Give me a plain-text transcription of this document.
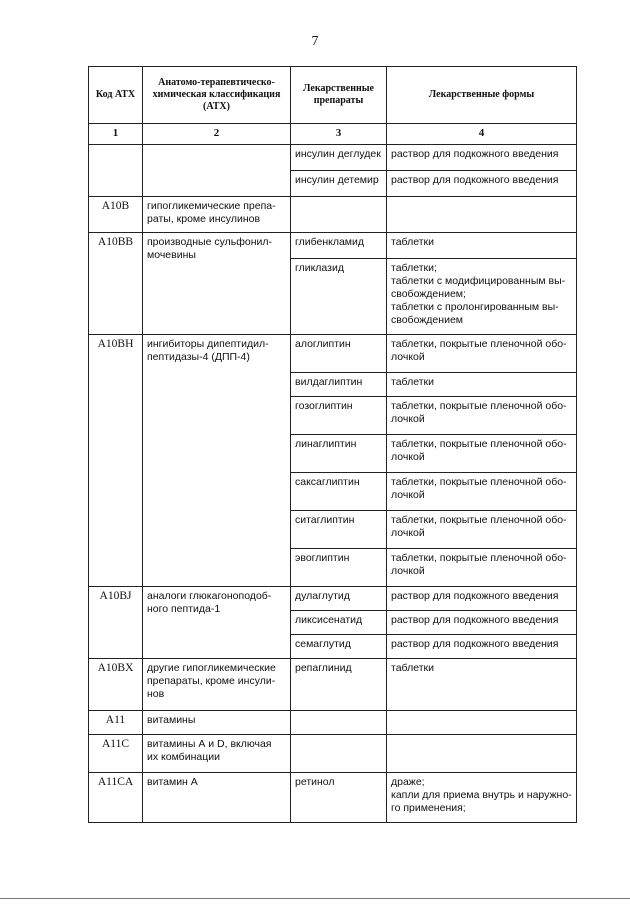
7
Код АТХ	Анатомо-терапевтическо-химическая классификация (АТХ)	Лекарственные препараты	Лекарственные формы
1	2	3	4
		инсулин деглудек	раствор для подкожного введения
		инсулин детемир	раствор для подкожного введения
A10B	гипогликемические препа-
раты, кроме инсулинов		
A10BB	производные сульфонил-
мочевины	глибенкламид	таблетки
		гликлазид	таблетки;
таблетки с модифицированным вы-
свобождением;
таблетки с пролонгированным вы-
свобождением
A10BH	ингибиторы дипептидил-
пептидазы-4 (ДПП-4)	алоглиптин	таблетки, покрытые пленочной обо-
лочкой
		вилдаглиптин	таблетки
		гозоглиптин	таблетки, покрытые пленочной обо-
лочкой
		линаглиптин	таблетки, покрытые пленочной обо-
лочкой
		саксаглиптин	таблетки, покрытые пленочной обо-
лочкой
		ситаглиптин	таблетки, покрытые пленочной обо-
лочкой
		эвоглиптин	таблетки, покрытые пленочной обо-
лочкой
A10BJ	аналоги глюкагоноподоб-
ного пептида-1	дулаглутид	раствор для подкожного введения
		ликсисенатид	раствор для подкожного введения
		семаглутид	раствор для подкожного введения
A10BX	другие гипогликемические
препараты, кроме инсули-
нов	репаглинид	таблетки
A11	витамины		
A11C	витамины А и D, включая
их комбинации		
A11CA	витамин А	ретинол	драже;
капли для приема внутрь и наружно-
го применения;
